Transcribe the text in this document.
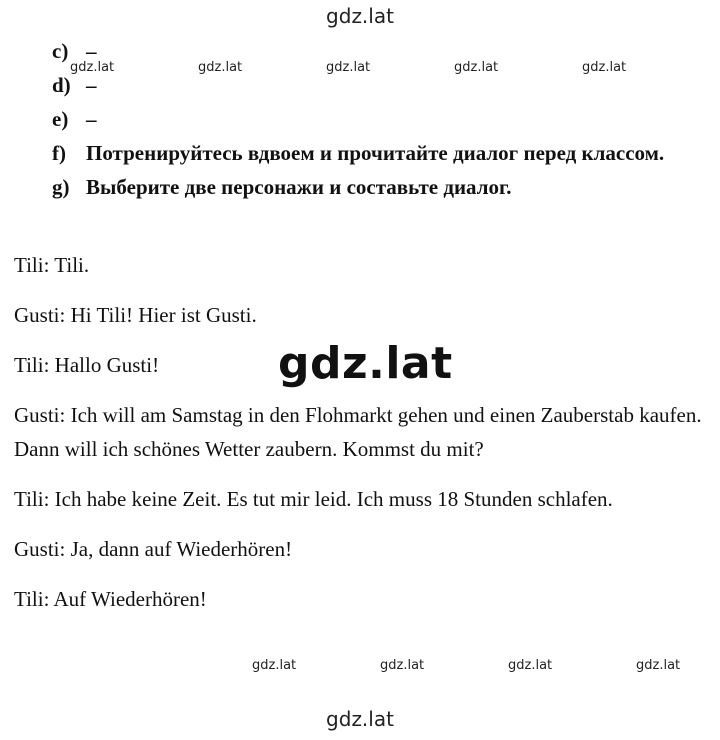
gdz.lat
c) –
d) –
e) –
f) Потренируйтесь вдвоем и прочитайте диалог перед классом.
g) Выберите две персонажи и составьте диалог.
gdz.lat	gdz.lat	gdz.lat	gdz.lat	gdz.lat

Tili: Tili.

Gusti: Hi Tili! Hier ist Gusti.

Tili: Hallo Gusti!

Gusti: Ich will am Samstag in den Flohmarkt gehen und einen Zauberstab kaufen. Dann will ich schönes Wetter zaubern. Kommst du mit?

Tili: Ich habe keine Zeit. Es tut mir leid. Ich muss 18 Stunden schlafen.

Gusti: Ja, dann auf Wiederhören!

Tili: Auf Wiederhören!

gdz.lat
gdz.lat	gdz.lat	gdz.lat	gdz.lat
gdz.lat
